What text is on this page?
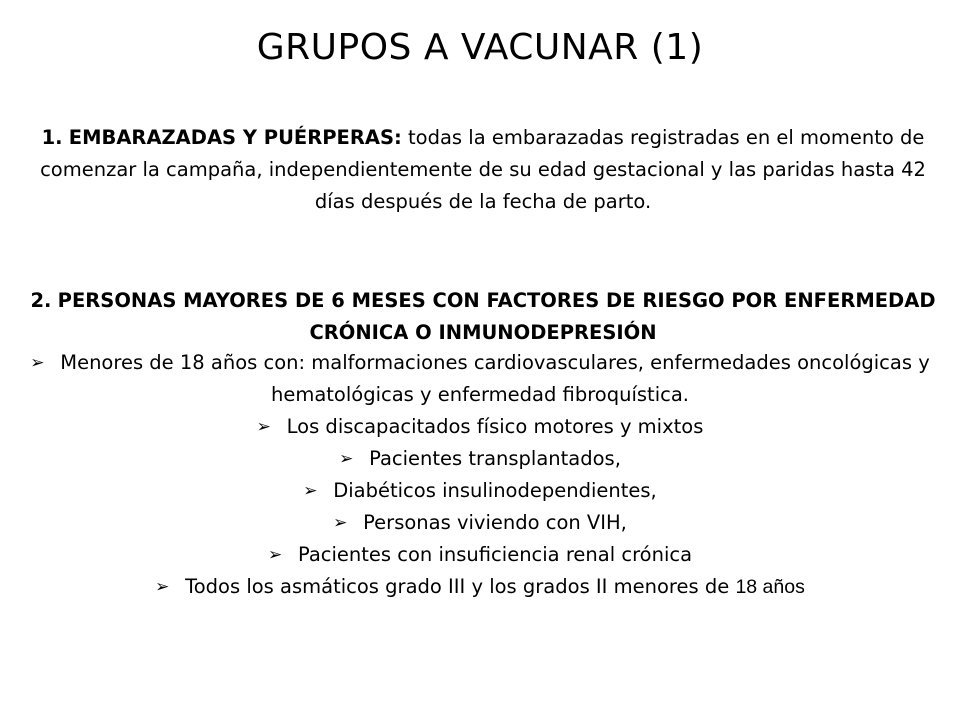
GRUPOS A VACUNAR (1)
1. EMBARAZADAS Y PUÉRPERAS: todas la embarazadas registradas en el momento de comenzar la campaña, independientemente de su edad gestacional y las paridas hasta 42 días después de la fecha de parto.
2. PERSONAS MAYORES DE 6 MESES CON FACTORES DE RIESGO POR ENFERMEDAD CRÓNICA O INMUNODEPRESIÓN

➢ Menores de 18 años con: malformaciones cardiovasculares, enfermedades oncológicas y hematológicas y enfermedad fibroquística.

➢ Los discapacitados físico motores y mixtos

➢ Pacientes transplantados,

➢ Diabéticos insulinodependientes,

➢ Personas viviendo con VIH,

➢ Pacientes con insuficiencia renal crónica

➢ Todos los asmáticos grado III y los grados II menores de 18 años
